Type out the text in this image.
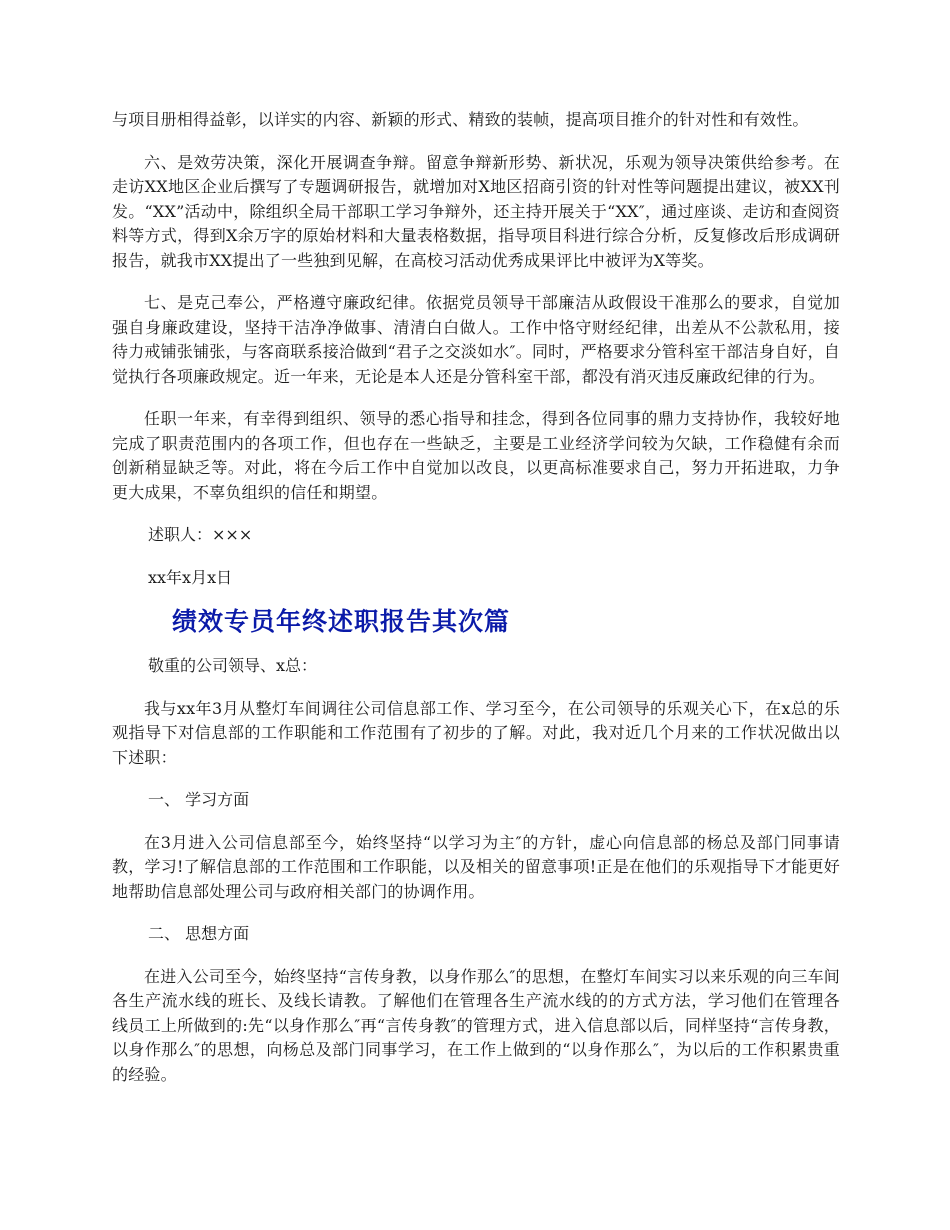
与项目册相得益彰，以详实的内容、新颖的形式、精致的装帧，提高项目推介的针对性和有效性。

六、是效劳决策，深化开展调查争辩。留意争辩新形势、新状况，乐观为领导决策供给参考。在走访XX地区企业后撰写了专题调研报告，就增加对X地区招商引资的针对性等问题提出建议，被XX刊发。“XX”活动中，除组织全局干部职工学习争辩外，还主持开展关于“XX″，通过座谈、走访和查阅资料等方式，得到X余万字的原始材料和大量表格数据，指导项目科进行综合分析，反复修改后形成调研报告，就我市XX提出了一些独到见解，在高校习活动优秀成果评比中被评为X等奖。

七、是克己奉公，严格遵守廉政纪律。依据党员领导干部廉洁从政假设干准那么的要求，自觉加强自身廉政建设，坚持干洁净净做事、清清白白做人。工作中恪守财经纪律，出差从不公款私用，接待力戒铺张铺张，与客商联系接洽做到“君子之交淡如水″。同时，严格要求分管科室干部洁身自好，自觉执行各项廉政规定。近一年来，无论是本人还是分管科室干部，都没有消灭违反廉政纪律的行为。

任职一年来，有幸得到组织、领导的悉心指导和挂念，得到各位同事的鼎力支持协作，我较好地完成了职责范围内的各项工作，但也存在一些缺乏，主要是工业经济学问较为欠缺，工作稳健有余而创新稍显缺乏等。对此，将在今后工作中自觉加以改良，以更高标准要求自己，努力开拓进取，力争更大成果，不辜负组织的信任和期望。

述职人：×××

xx年x月x日

绩效专员年终述职报告其次篇

敬重的公司领导、x总：

我与xx年3月从整灯车间调往公司信息部工作、学习至今，在公司领导的乐观关心下，在x总的乐观指导下对信息部的工作职能和工作范围有了初步的了解。对此，我对近几个月来的工作状况做出以下述职：

一、 学习方面

在3月进入公司信息部至今，始终坚持“以学习为主″的方针，虚心向信息部的杨总及部门同事请教，学习!了解信息部的工作范围和工作职能，以及相关的留意事项!正是在他们的乐观指导下才能更好地帮助信息部处理公司与政府相关部门的协调作用。

二、 思想方面

在进入公司至今，始终坚持“言传身教，以身作那么″的思想，在整灯车间实习以来乐观的向三车间各生产流水线的班长、及线长请教。了解他们在管理各生产流水线的的方式方法，学习他们在管理各线员工上所做到的:先“以身作那么″再“言传身教″的管理方式，进入信息部以后，同样坚持“言传身教，以身作那么″的思想，向杨总及部门同事学习，在工作上做到的“以身作那么″，为以后的工作积累贵重的经验。
